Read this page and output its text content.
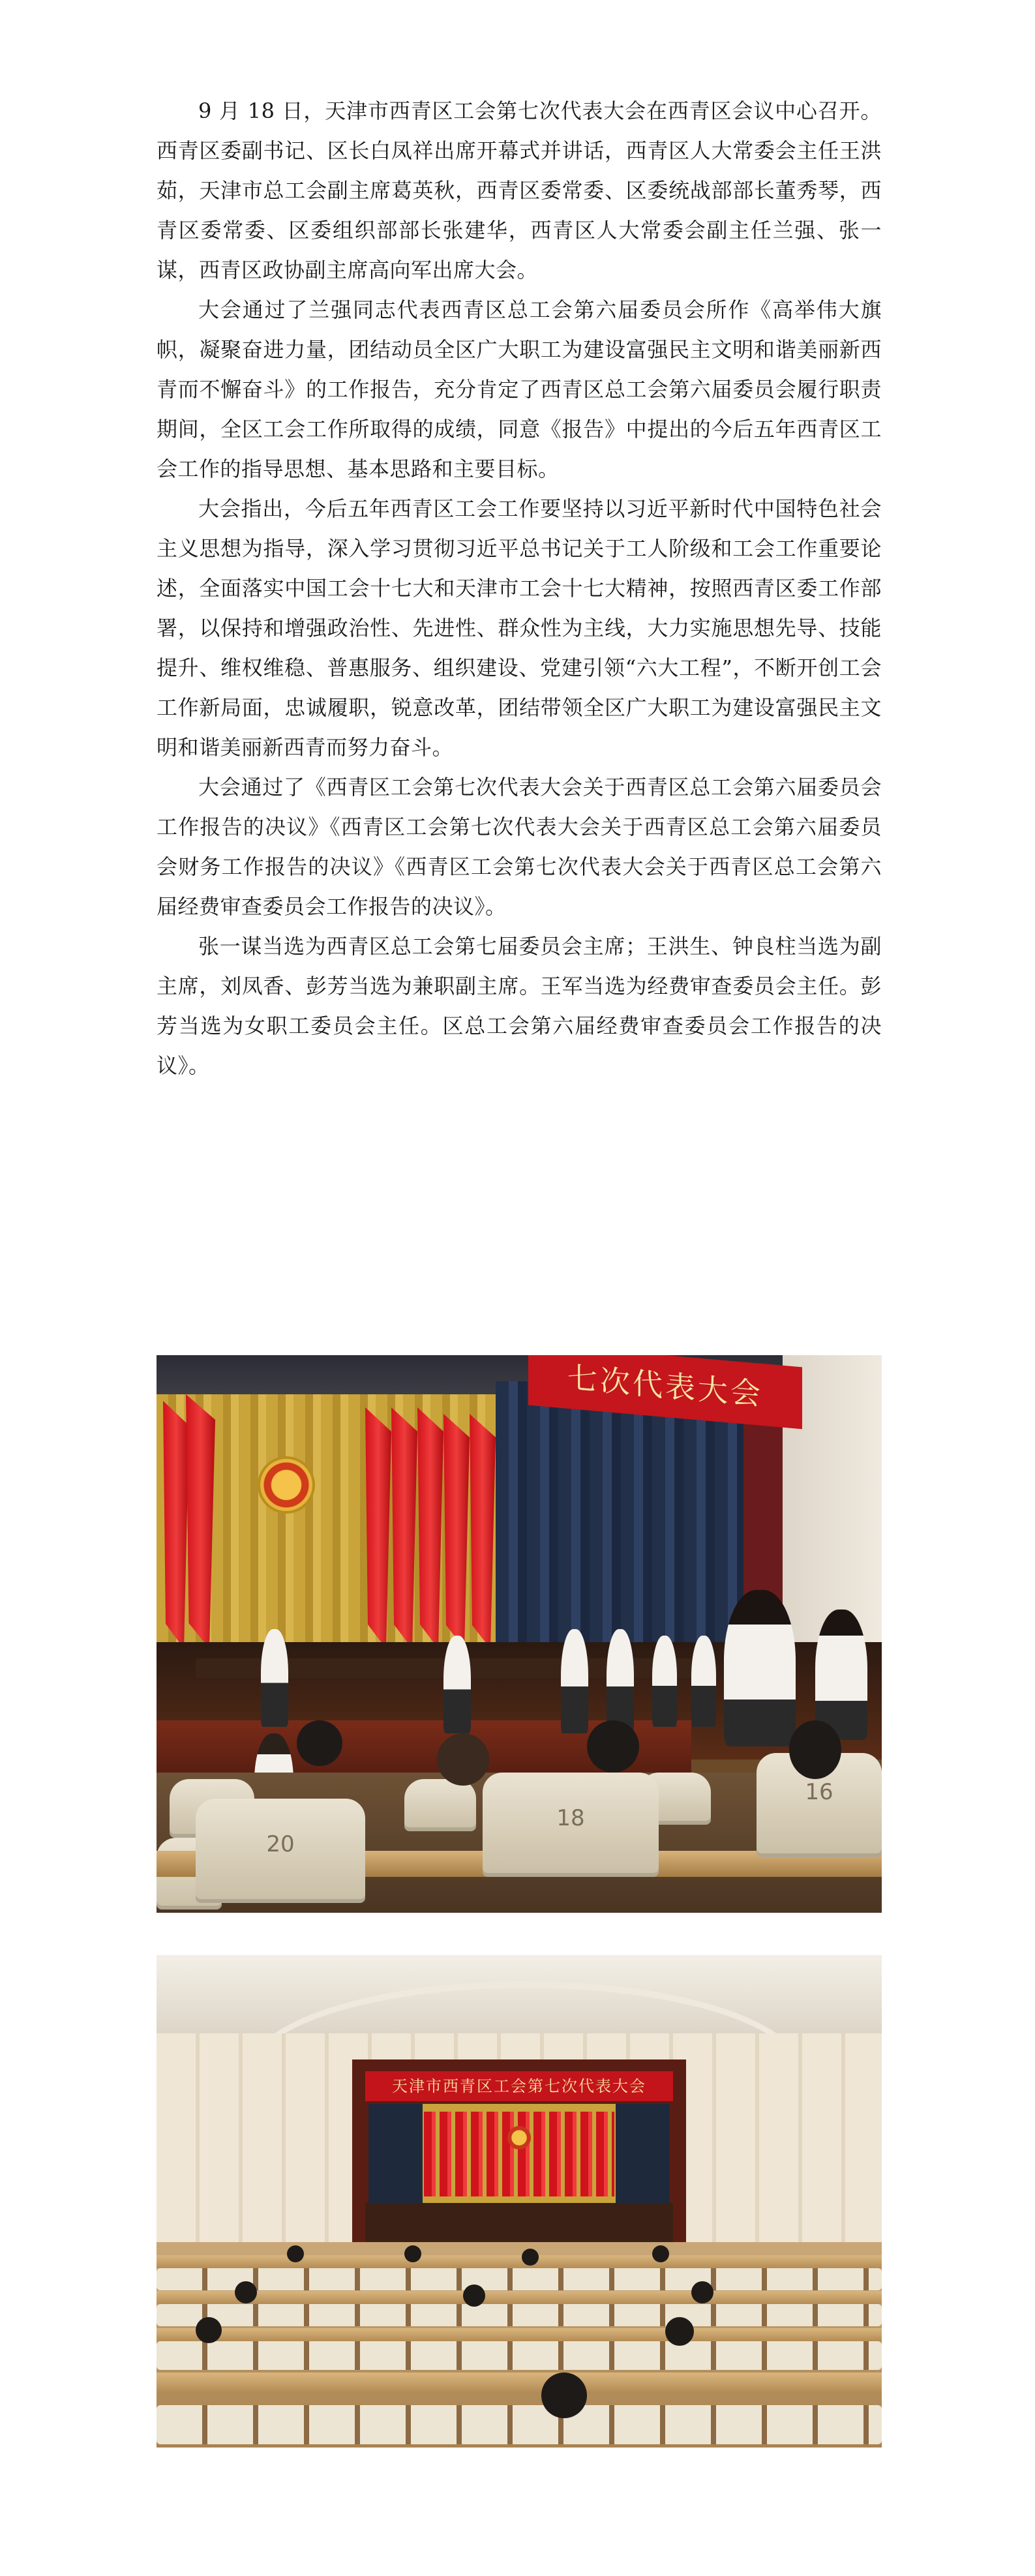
9 月 18 日，天津市西青区工会第七次代表大会在西青区会议中心召开。西青区委副书记、区长白凤祥出席开幕式并讲话，西青区人大常委会主任王洪茹，天津市总工会副主席葛英秋，西青区委常委、区委统战部部长董秀琴，西青区委常委、区委组织部部长张建华，西青区人大常委会副主任兰强、张一谋，西青区政协副主席高向军出席大会。

大会通过了兰强同志代表西青区总工会第六届委员会所作《高举伟大旗帜，凝聚奋进力量，团结动员全区广大职工为建设富强民主文明和谐美丽新西青而不懈奋斗》的工作报告，充分肯定了西青区总工会第六届委员会履行职责期间，全区工会工作所取得的成绩，同意《报告》中提出的今后五年西青区工会工作的指导思想、基本思路和主要目标。

大会指出，今后五年西青区工会工作要坚持以习近平新时代中国特色社会主义思想为指导，深入学习贯彻习近平总书记关于工人阶级和工会工作重要论述，全面落实中国工会十七大和天津市工会十七大精神，按照西青区委工作部署，以保持和增强政治性、先进性、群众性为主线，大力实施思想先导、技能提升、维权维稳、普惠服务、组织建设、党建引领“六大工程”，不断开创工会工作新局面，忠诚履职，锐意改革，团结带领全区广大职工为建设富强民主文明和谐美丽新西青而努力奋斗。

大会通过了《西青区工会第七次代表大会关于西青区总工会第六届委员会工作报告的决议》《西青区工会第七次代表大会关于西青区总工会第六届委员会财务工作报告的决议》《西青区工会第七次代表大会关于西青区总工会第六届经费审查委员会工作报告的决议》。

张一谋当选为西青区总工会第七届委员会主席；王洪生、钟良柱当选为副主席，刘凤香、彭芳当选为兼职副主席。王军当选为经费审查委员会主任。彭芳当选为女职工委员会主任。区总工会第六届经费审查委员会工作报告的决议》。

七次代表大会
20
18
16
天津市西青区工会第七次代表大会
